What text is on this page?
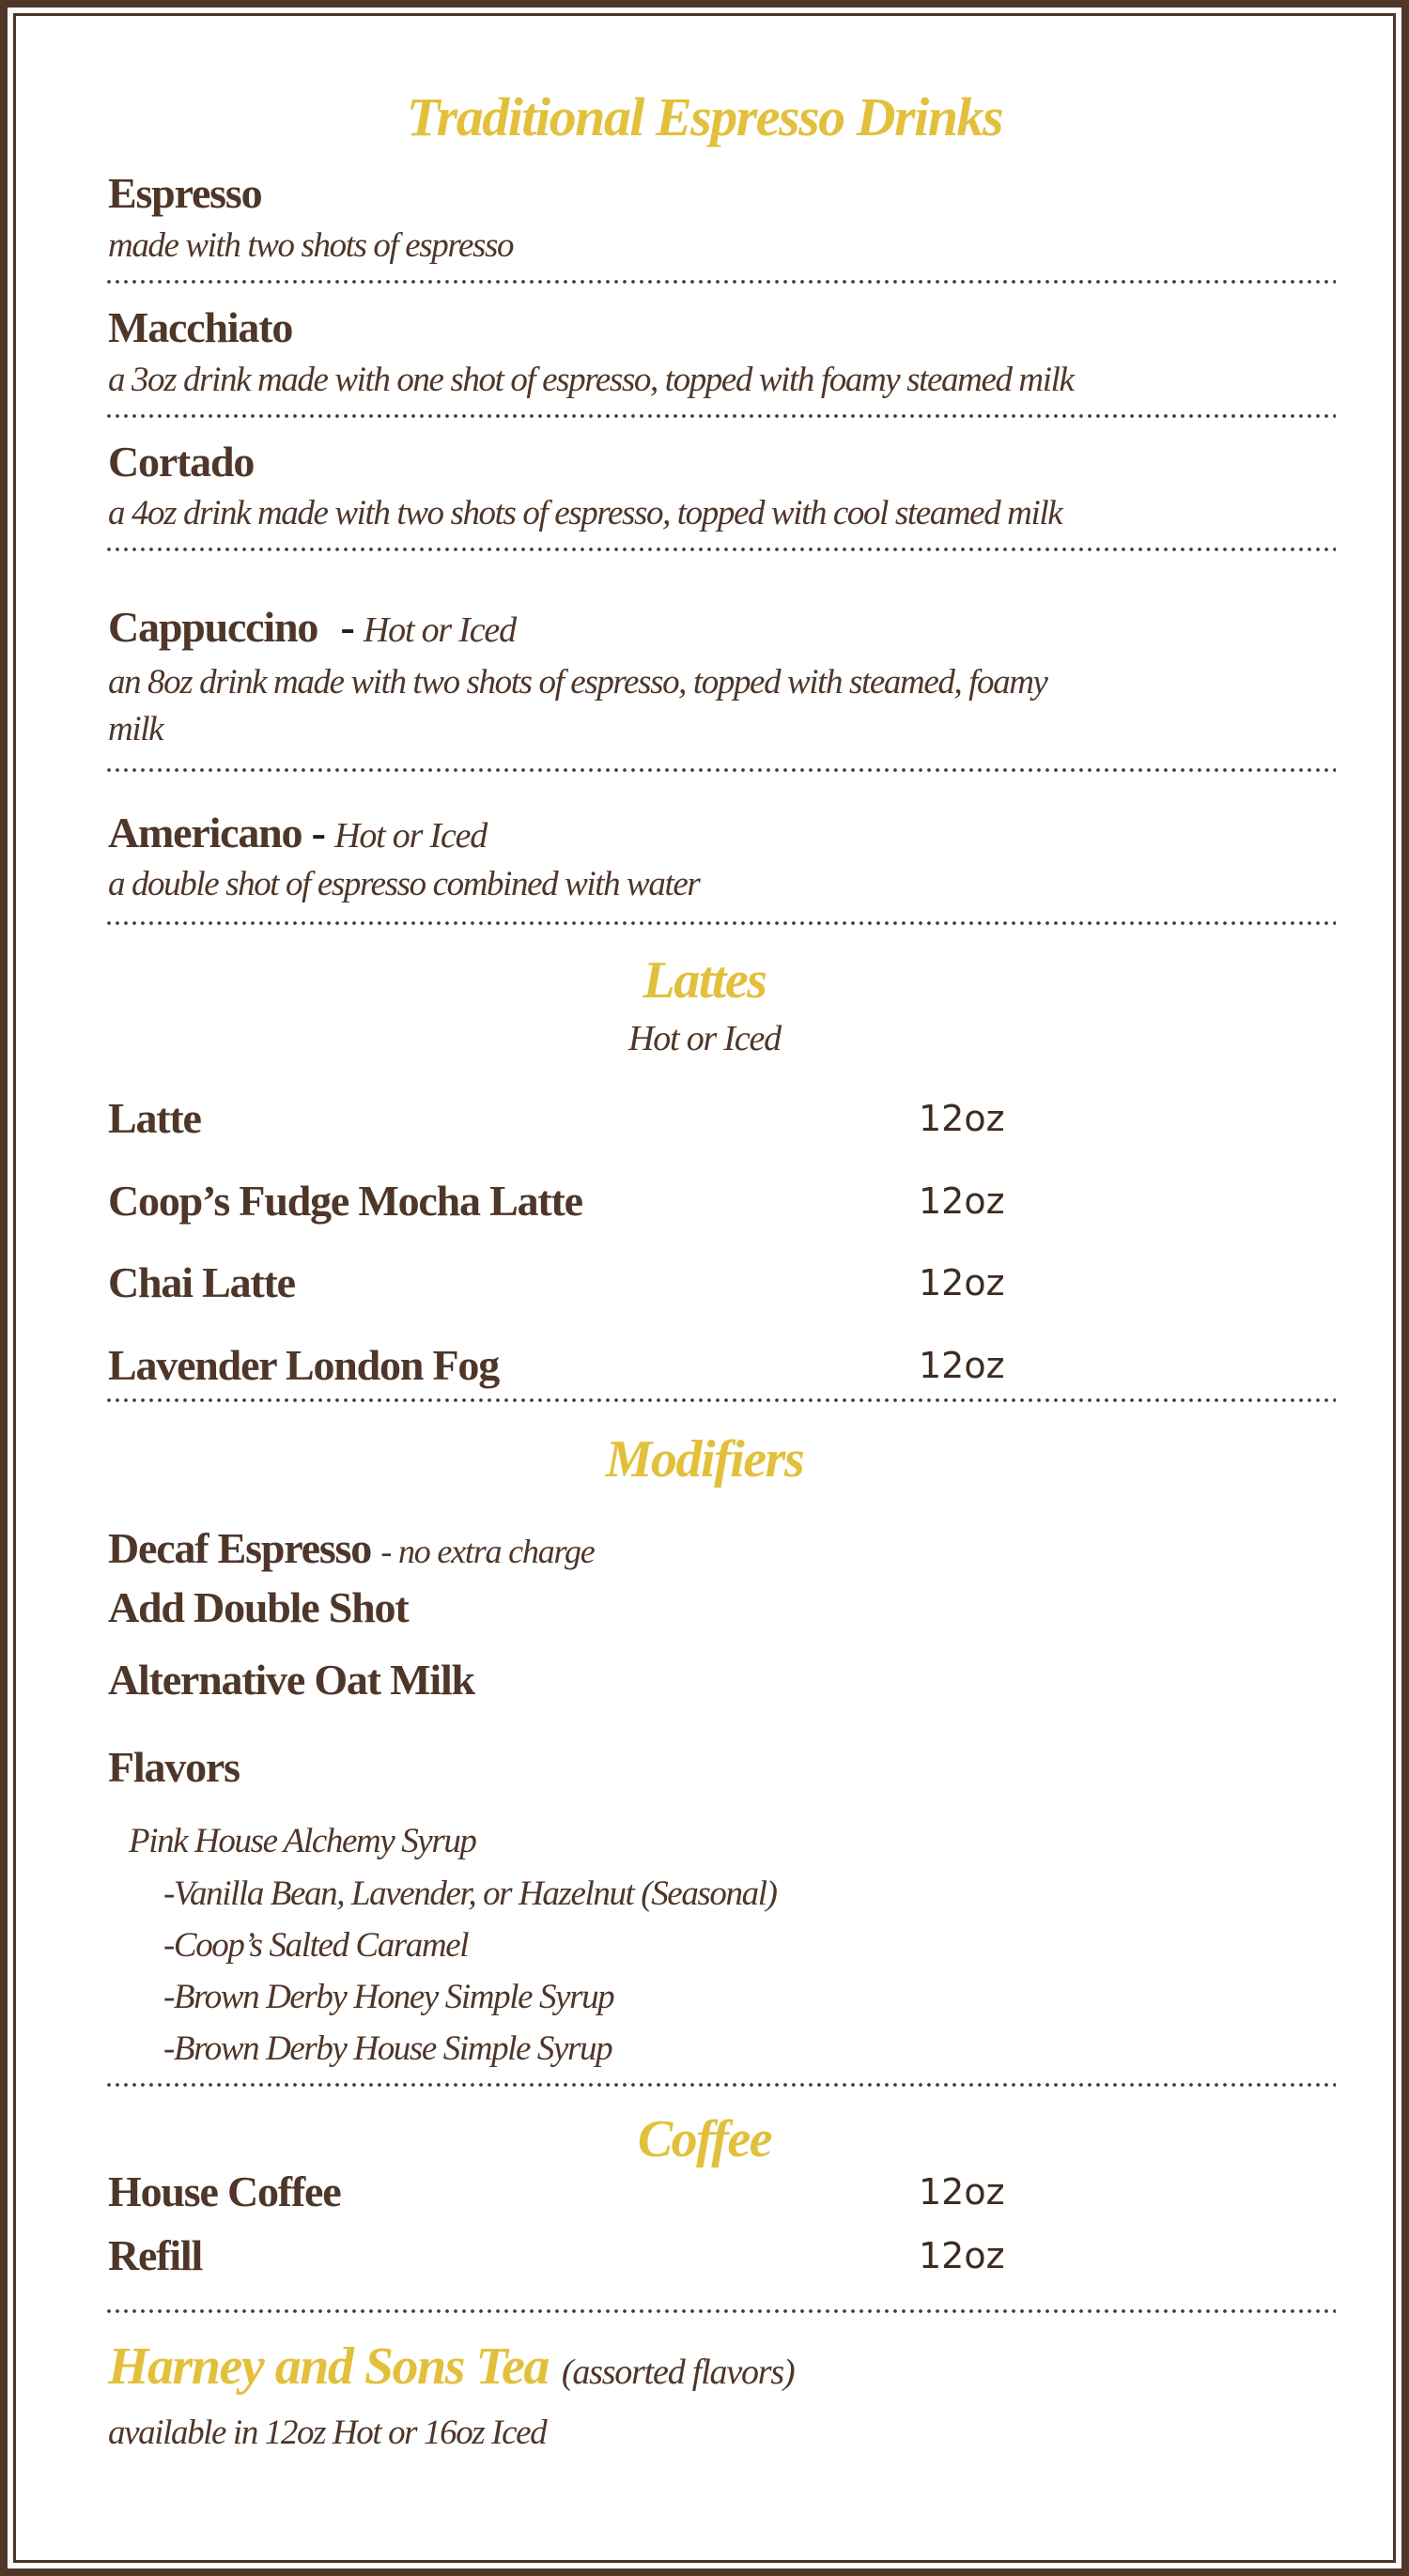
Traditional Espresso Drinks
Espresso
made with two shots of espresso
Macchiato
a 3oz drink made with one shot of espresso, topped with foamy steamed milk
Cortado
a 4oz drink made with two shots of espresso, topped with cool steamed milk
Cappuccino - Hot or Iced
an 8oz drink made with two shots of espresso, topped with steamed, foamy
milk
Americano - Hot or Iced
a double shot of espresso combined with water
Lattes
Hot or Iced
Latte	12oz
Coop’s Fudge Mocha Latte	12oz
Chai Latte	12oz
Lavender London Fog	12oz
Modifiers
Decaf Espresso - no extra charge
Add Double Shot
Alternative Oat Milk
Flavors
Pink House Alchemy Syrup
-Vanilla Bean, Lavender, or Hazelnut (Seasonal)
-Coop’s Salted Caramel
-Brown Derby Honey Simple Syrup
-Brown Derby House Simple Syrup
Coffee
House Coffee	12oz
Refill	12oz
Harney and Sons Tea (assorted flavors)
available in 12oz Hot or 16oz Iced
